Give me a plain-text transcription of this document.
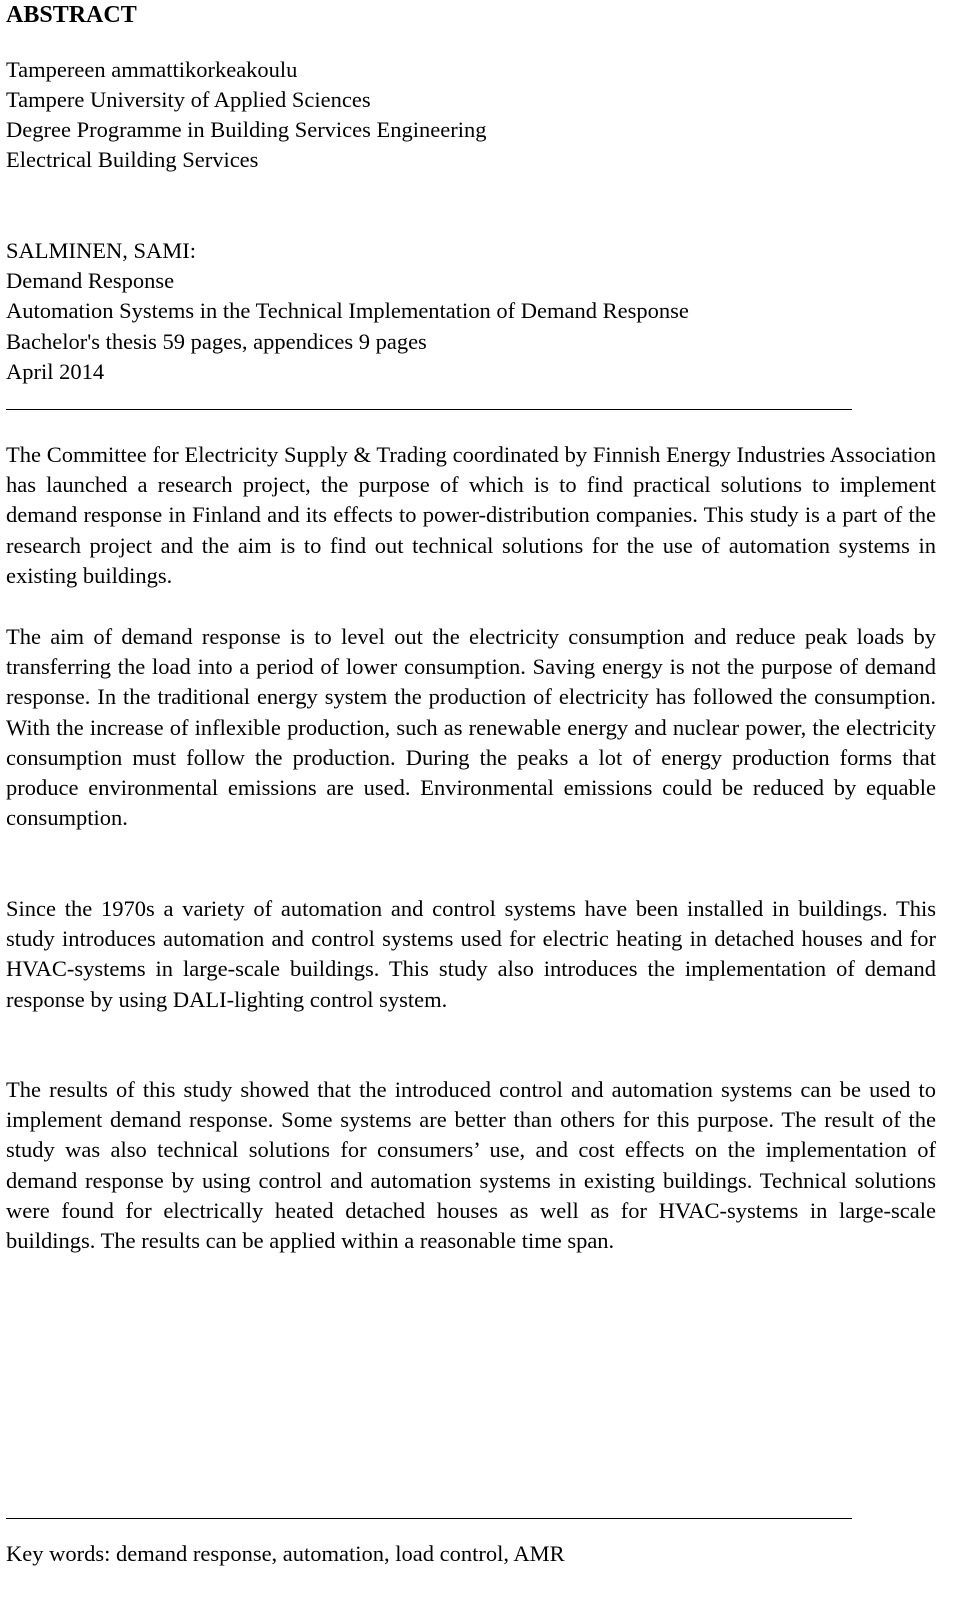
ABSTRACT

Tampereen ammattikorkeakoulu

Tampere University of Applied Sciences

Degree Programme in Building Services Engineering

Electrical Building Services

SALMINEN, SAMI:

Demand Response

Automation Systems in the Technical Implementation of Demand Response

Bachelor's thesis 59 pages, appendices 9 pages

April 2014

The Committee for Electricity Supply & Trading coordinated by Finnish Energy Industries Association has launched a research project, the purpose of which is to find practical solutions to implement demand response in Finland and its effects to power-distribution companies. This study is a part of the research project and the aim is to find out technical solutions for the use of automation systems in existing buildings.

The aim of demand response is to level out the electricity consumption and reduce peak loads by transferring the load into a period of lower consumption. Saving energy is not the purpose of demand response. In the traditional energy system the production of electricity has followed the consumption. With the increase of inflexible production, such as renewable energy and nuclear power, the electricity consumption must follow the production. During the peaks a lot of energy production forms that produce environmental emissions are used. Environmental emissions could be reduced by equable consumption.

Since the 1970s a variety of automation and control systems have been installed in buildings. This study introduces automation and control systems used for electric heating in detached houses and for HVAC-systems in large-scale buildings. This study also introduces the implementation of demand response by using DALI-lighting control system.

The results of this study showed that the introduced control and automation systems can be used to implement demand response. Some systems are better than others for this purpose. The result of the study was also technical solutions for consumers’ use, and cost effects on the implementation of demand response by using control and automation systems in existing buildings. Technical solutions were found for electrically heated detached houses as well as for HVAC-systems in large-scale buildings. The results can be applied within a reasonable time span.

Key words: demand response, automation, load control, AMR
